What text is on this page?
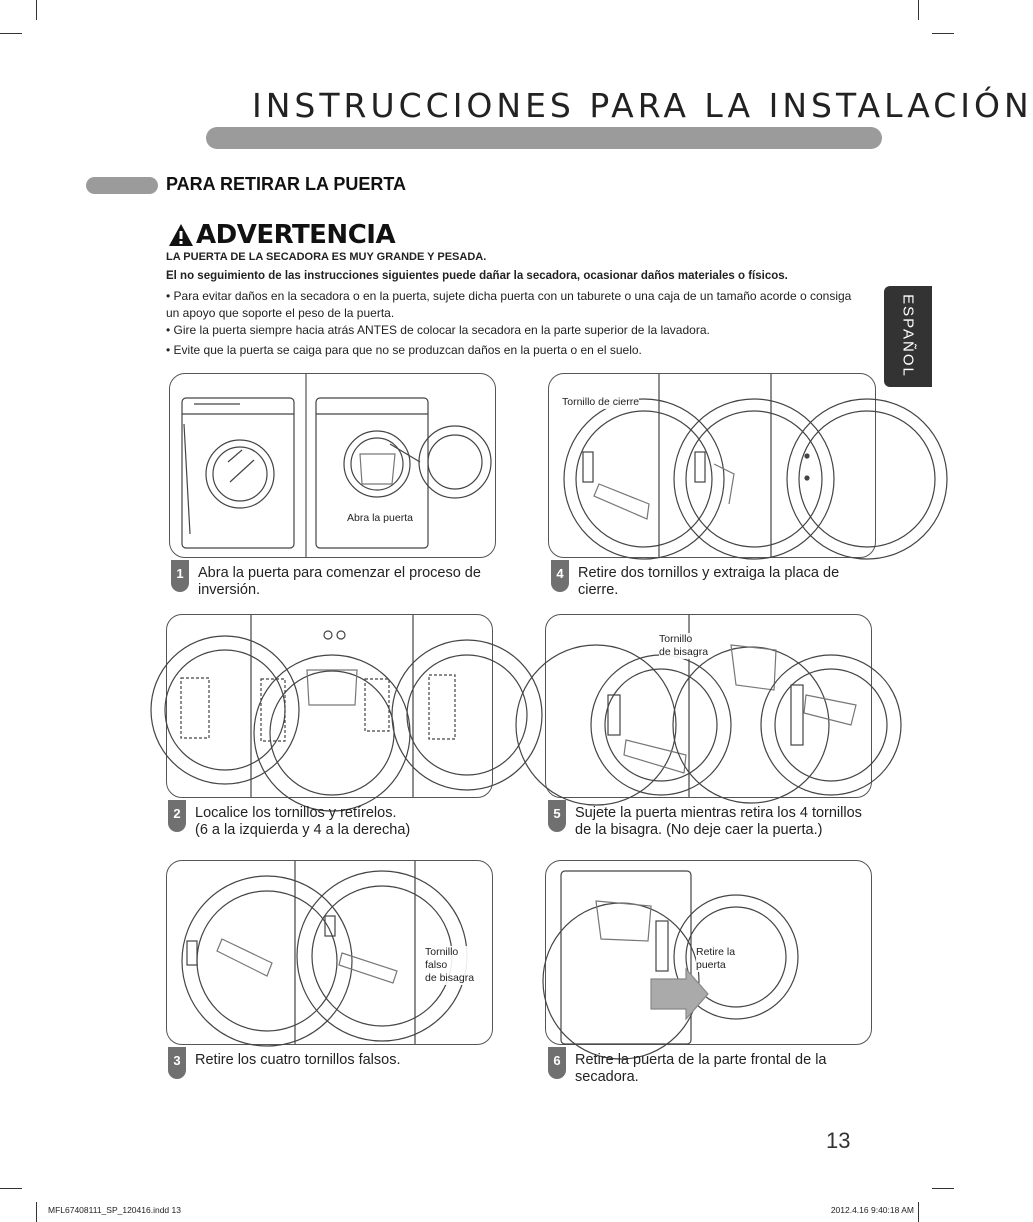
INSTRUCCIONES PARA LA INSTALACIÓN
PARA RETIRAR LA PUERTA
ADVERTENCIA
LA PUERTA DE LA SECADORA ES MUY GRANDE Y PESADA.
El no seguimiento de las instrucciones siguientes puede dañar la secadora, ocasionar daños materiales o físicos.
• Para evitar daños en la secadora o en la puerta, sujete dicha puerta con un taburete o una caja de un tamaño acorde o consiga un apoyo que soporte el peso de la puerta.
• Gire la puerta siempre hacia atrás ANTES de colocar la secadora en la parte superior de la lavadora.
• Evite que la puerta se caiga para que no se produzcan daños en la puerta o en el suelo.	ESPAÑOL
Abra la puerta
1 Abra la puerta para comenzar el proceso de inversión.
Tornillo de cierre
4 Retire dos tornillos y extraiga la placa de cierre.
2 Localice los tornillos y retírelos.
(6 a la izquierda y 4 a la derecha)
Tornillo
de bisagra
5 Sujete la puerta mientras retira los 4 tornillos de la bisagra. (No deje caer la puerta.)
Tornillo
falso
de bisagra
3 Retire los cuatro tornillos falsos.
Retire la
puerta
6 Retire la puerta de la parte frontal de la secadora.
13
MFL67408111_SP_120416.indd 13	2012.4.16 9:40:18 AM
